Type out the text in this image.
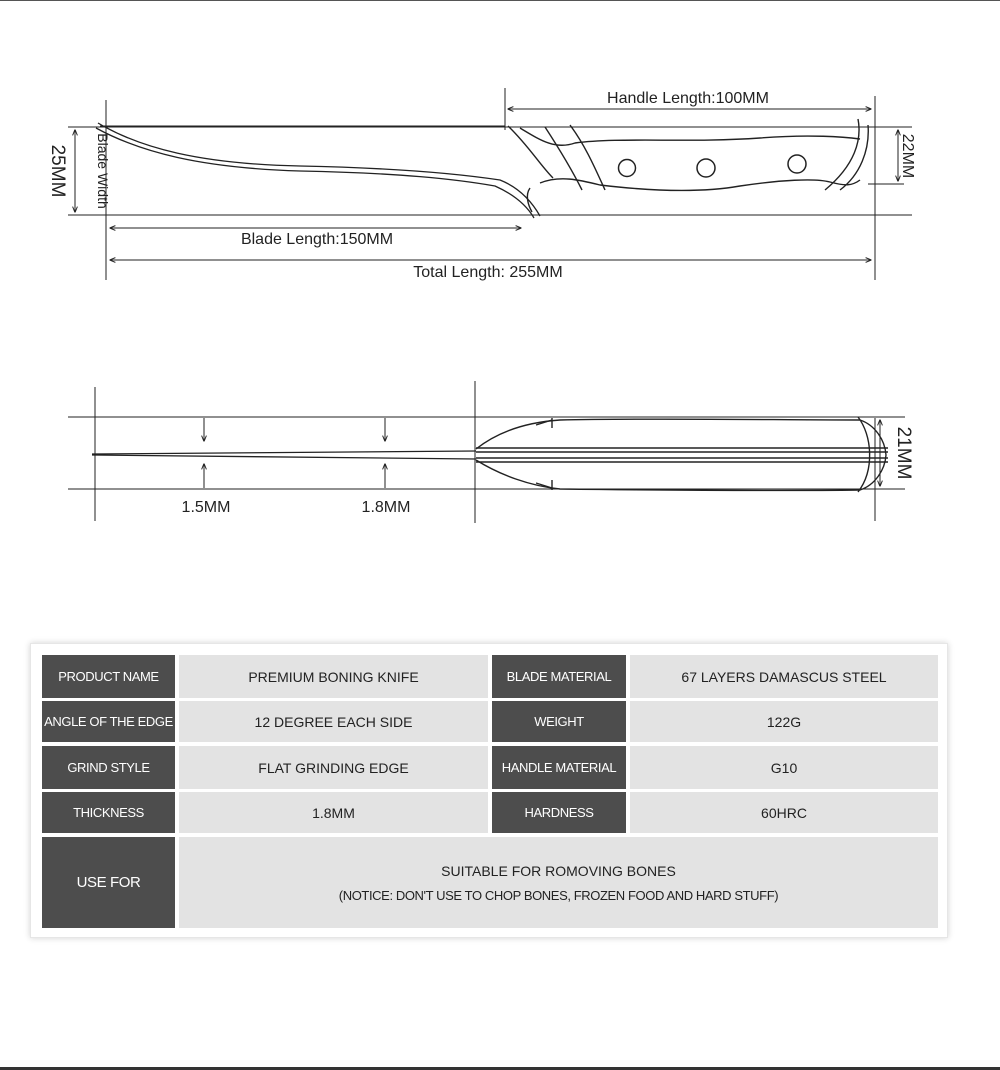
Handle Length:100MM
Blade Length:150MM
Total Length: 255MM
25MM Blade Width	22MM
1.5MM	1.8MM
21MM
PRODUCT NAME	PREMIUM BONING KNIFE	BLADE MATERIAL	67 LAYERS DAMASCUS STEEL
ANGLE OF THE EDGE	12 DEGREE EACH SIDE	WEIGHT	122G
GRIND STYLE	FLAT GRINDING EDGE	HANDLE MATERIAL	G10
THICKNESS	1.8MM	HARDNESS	60HRC
USE FOR
SUITABLE FOR ROMOVING BONES
(NOTICE: DON'T USE TO CHOP BONES, FROZEN FOOD AND HARD STUFF)
